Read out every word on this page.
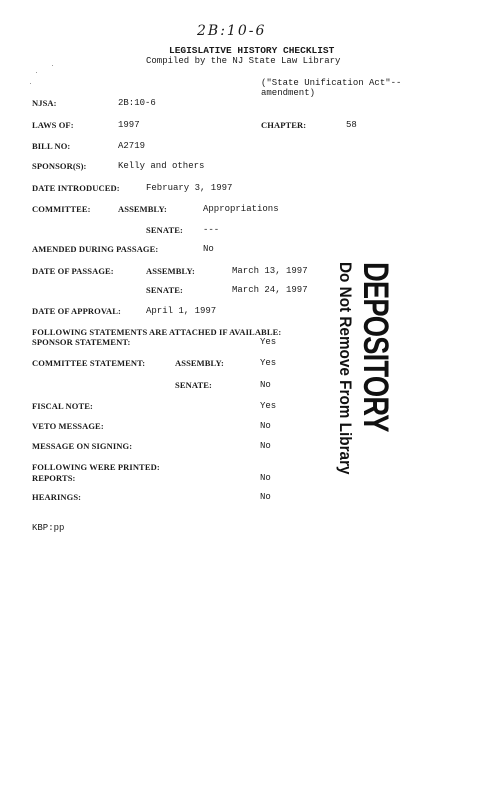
2B:10-6
LEGISLATIVE HISTORY CHECKLIST
Compiled by the NJ State Law Library
("State Unification Act"--
amendment)
NJSA:	2B:10-6
LAWS OF:	1997	CHAPTER:	58
BILL NO:	A2719
SPONSOR(S):	Kelly and others
DATE INTRODUCED:	February 3, 1997
COMMITTEE:	ASSEMBLY:	Appropriations
SENATE: ---
AMENDED DURING PASSAGE:	No
DATE OF PASSAGE:	ASSEMBLY:	March 13, 1997
SENATE:	March 24, 1997
DATE OF APPROVAL:	April 1, 1997
FOLLOWING STATEMENTS ARE ATTACHED IF AVAILABLE:
SPONSOR STATEMENT:	Yes
COMMITTEE STATEMENT:	ASSEMBLY:	Yes
SENATE:	No
FISCAL NOTE:	Yes
VETO MESSAGE:	No
MESSAGE ON SIGNING:	No
FOLLOWING WERE PRINTED:
REPORTS:	No
HEARINGS:	No
KBP:pp
DEPOSITORY
Do Not Remove From Library
